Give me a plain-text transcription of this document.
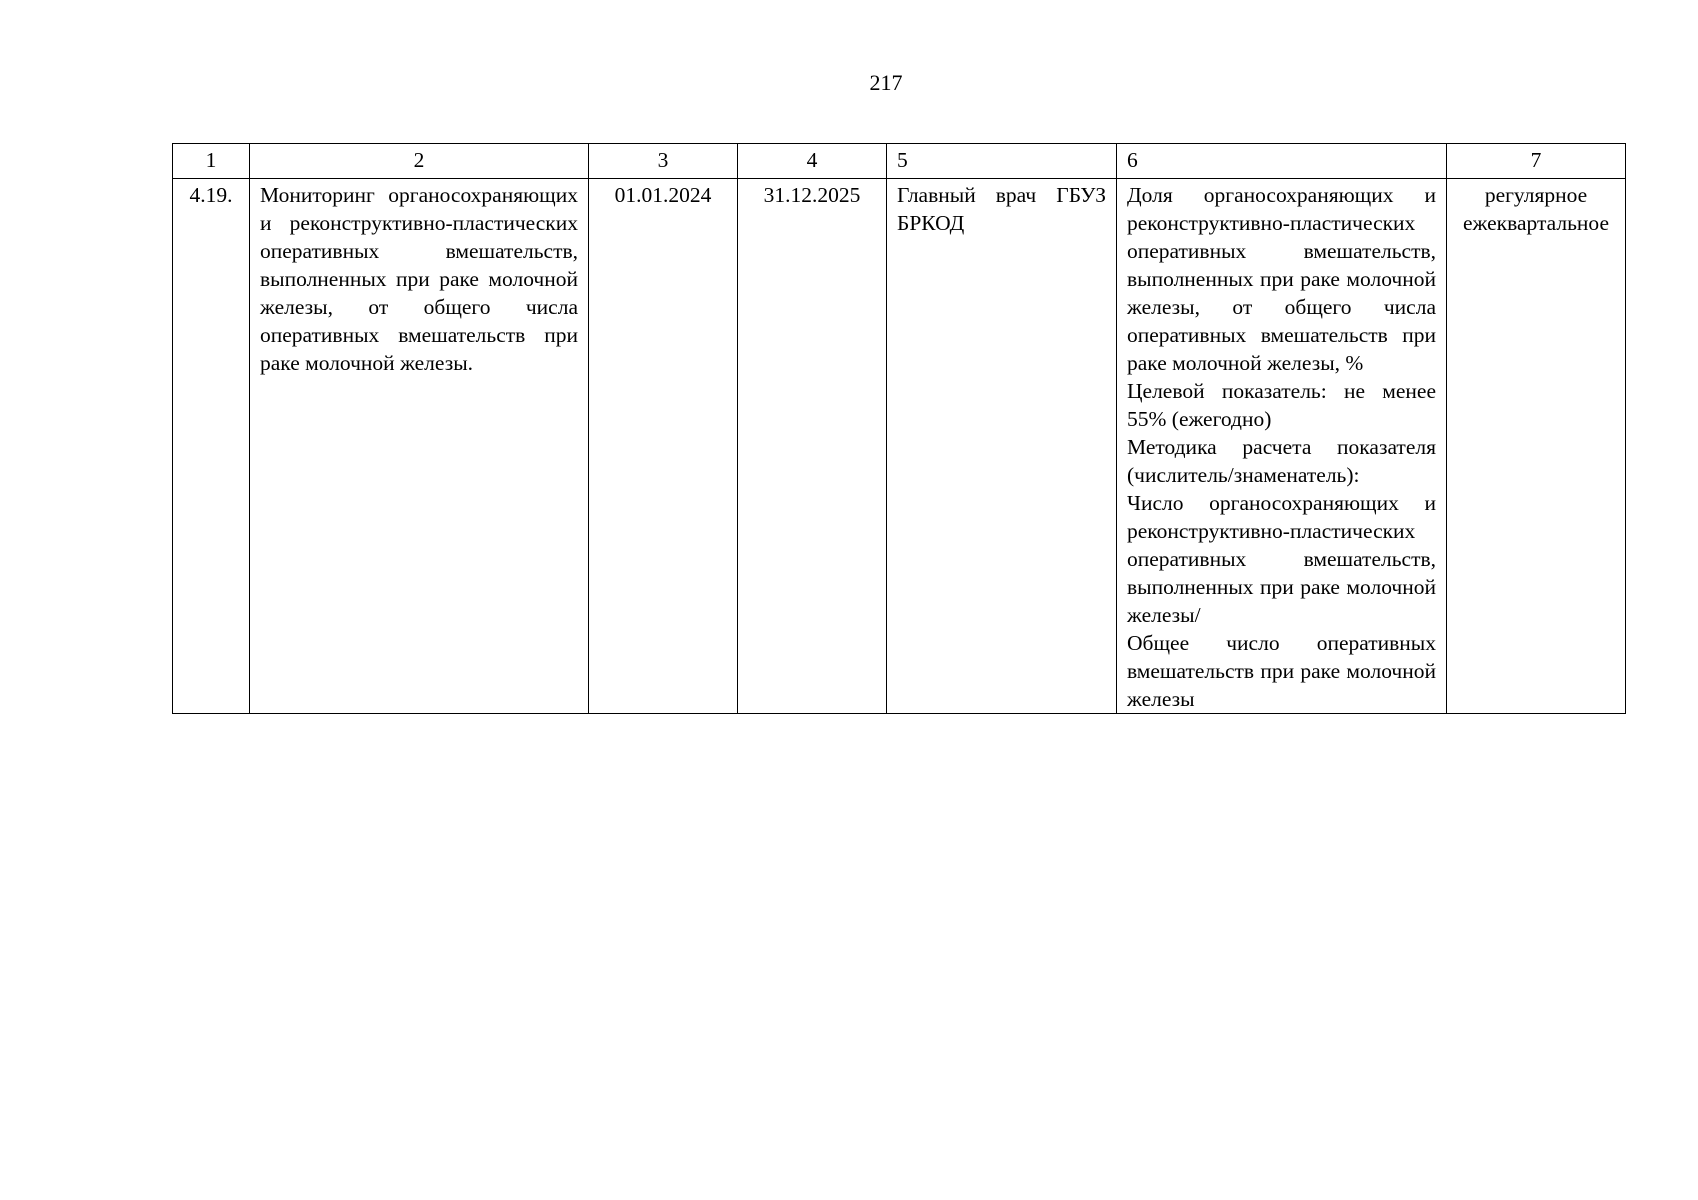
217
1	2	3	4	5	6	7
4.19.	Мониторинг органосохраняющих и реконструктивно-пластических оперативных вмешательств, выполненных при раке молочной железы, от общего числа оперативных вмешательств при раке молочной железы.	01.01.2024	31.12.2025	Главный врач ГБУЗ БРКОД	Доля органосохраняющих и реконструктивно-пластических оперативных вмешательств, выполненных при раке молочной железы, от общего числа оперативных вмешательств при раке молочной железы, %
Целевой показатель: не менее 55% (ежегодно)
Методика расчета показателя (числитель/знаменатель):
Число органосохраняющих и реконструктивно-пластических оперативных вмешательств, выполненных при раке молочной железы/
Общее число оперативных вмешательств при раке молочной железы	регулярное ежеквартальное
